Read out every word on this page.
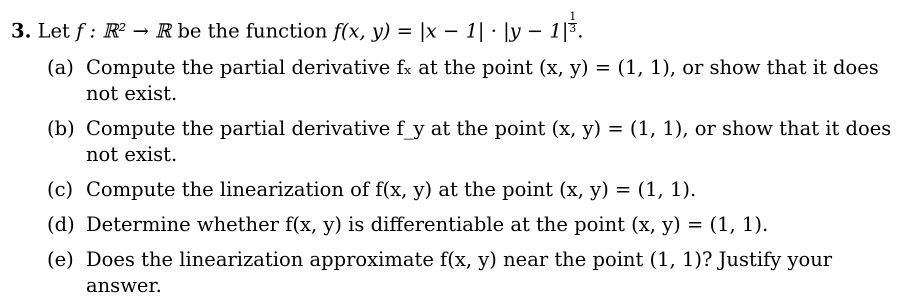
3. Let f : ℝ² → ℝ be the function f(x, $y) = |x - 1| \cdot |y - 1| \frac{1}{3}$ .
(a) Compute the partial derivative fₓ at the point (x, y) = (1, 1), or show that it does not exist.
(b) Compute the partial derivative f_y at the point (x, y) = (1, 1), or show that it does not exist.
(c) Compute the linearization of f(x, y) at the point (x, y) = (1, 1).
(d) Determine whether f(x, y) is differentiable at the point (x, y) = (1, 1).
(e) Does the linearization approximate f(x, y) near the point (1, 1)? Justify your answer.
